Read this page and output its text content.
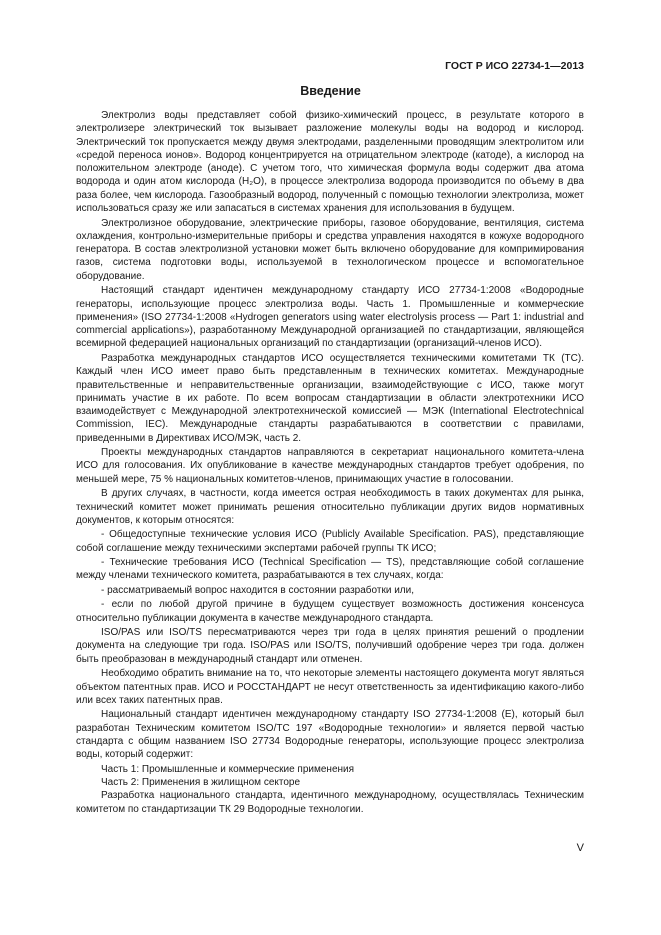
ГОСТ Р ИСО 22734-1—2013
Введение

Электролиз воды представляет собой физико-химический процесс, в результате которого в электролизере электрический ток вызывает разложение молекулы воды на водород и кислород. Электрический ток пропускается между двумя электродами, разделенными проводящим электролитом или «средой переноса ионов». Водород концентрируется на отрицательном электроде (катоде), а кислород на положительном электроде (аноде). С учетом того, что химическая формула воды содержит два атома водорода и один атом кислорода (H₂O), в процессе электролиза водорода производится по объему в два раза более, чем кислорода. Газообразный водород, полученный с помощью технологии электролиза, может использоваться сразу же или запасаться в системах хранения для использования в будущем.

Электролизное оборудование, электрические приборы, газовое оборудование, вентиляция, система охлаждения, контрольно-измерительные приборы и средства управления находятся в кожухе водородного генератора. В состав электролизной установки может быть включено оборудование для компримирования газов, система подготовки воды, используемой в технологическом процессе и вспомогательное оборудование.

Настоящий стандарт идентичен международному стандарту ИСО 27734-1:2008 «Водородные генераторы, использующие процесс электролиза воды. Часть 1. Промышленные и коммерческие применения» (ISO 27734-1:2008 «Hydrogen generators using water electrolysis process — Part 1: industrial and commercial applications»), разработанному Международной организацией по стандартизации, являющейся всемирной федерацией национальных организаций по стандартизации (организаций-членов ИСО).

Разработка международных стандартов ИСО осуществляется техническими комитетами ТК (TC). Каждый член ИСО имеет право быть представленным в технических комитетах. Международные правительственные и неправительственные организации, взаимодействующие с ИСО, также могут принимать участие в их работе. По всем вопросам стандартизации в области электротехники ИСО взаимодействует с Международной электротехнической комиссией — МЭК (International Electrotechnical Commission, IEC). Международные стандарты разрабатываются в соответствии с правилами, приведенными в Директивах ИСО/МЭК, часть 2.

Проекты международных стандартов направляются в секретариат национального комитета-члена ИСО для голосования. Их опубликование в качестве международных стандартов требует одобрения, по меньшей мере, 75 % национальных комитетов-членов, принимающих участие в голосовании.

В других случаях, в частности, когда имеется острая необходимость в таких документах для рынка, технический комитет может принимать решения относительно публикации других видов нормативных документов, к которым относятся:

- Общедоступные технические условия ИСО (Publicly Available Specification. PAS), представляющие собой соглашение между техническими экспертами рабочей группы ТК ИСО;

- Технические требования ИСО (Technical Specification — TS), представляющие собой соглашение между членами технического комитета, разрабатываются в тех случаях, когда:

- рассматриваемый вопрос находится в состоянии разработки или,

- если по любой другой причине в будущем существует возможность достижения консенсуса относительно публикации документа в качестве международного стандарта.

ISO/PAS или ISO/TS пересматриваются через три года в целях принятия решений о продлении документа на следующие три года. ISO/PAS или ISO/TS, получивший одобрение через три года. должен быть преобразован в международный стандарт или отменен.

Необходимо обратить внимание на то, что некоторые элементы настоящего документа могут являться объектом патентных прав. ИСО и РОССТАНДАРТ не несут ответственность за идентификацию какого-либо или всех таких патентных прав.

Национальный стандарт идентичен международному стандарту ISO 27734-1:2008 (E), который был разработан Техническим комитетом ISO/TC 197 «Водородные технологии» и является первой частью стандарта с общим названием ISO 27734 Водородные генераторы, использующие процесс электролиза воды, который содержит:

Часть 1: Промышленные и коммерческие применения

Часть 2: Применения в жилищном секторе

Разработка национального стандарта, идентичного международному, осуществлялась Техническим комитетом по стандартизации ТК 29 Водородные технологии.

V
